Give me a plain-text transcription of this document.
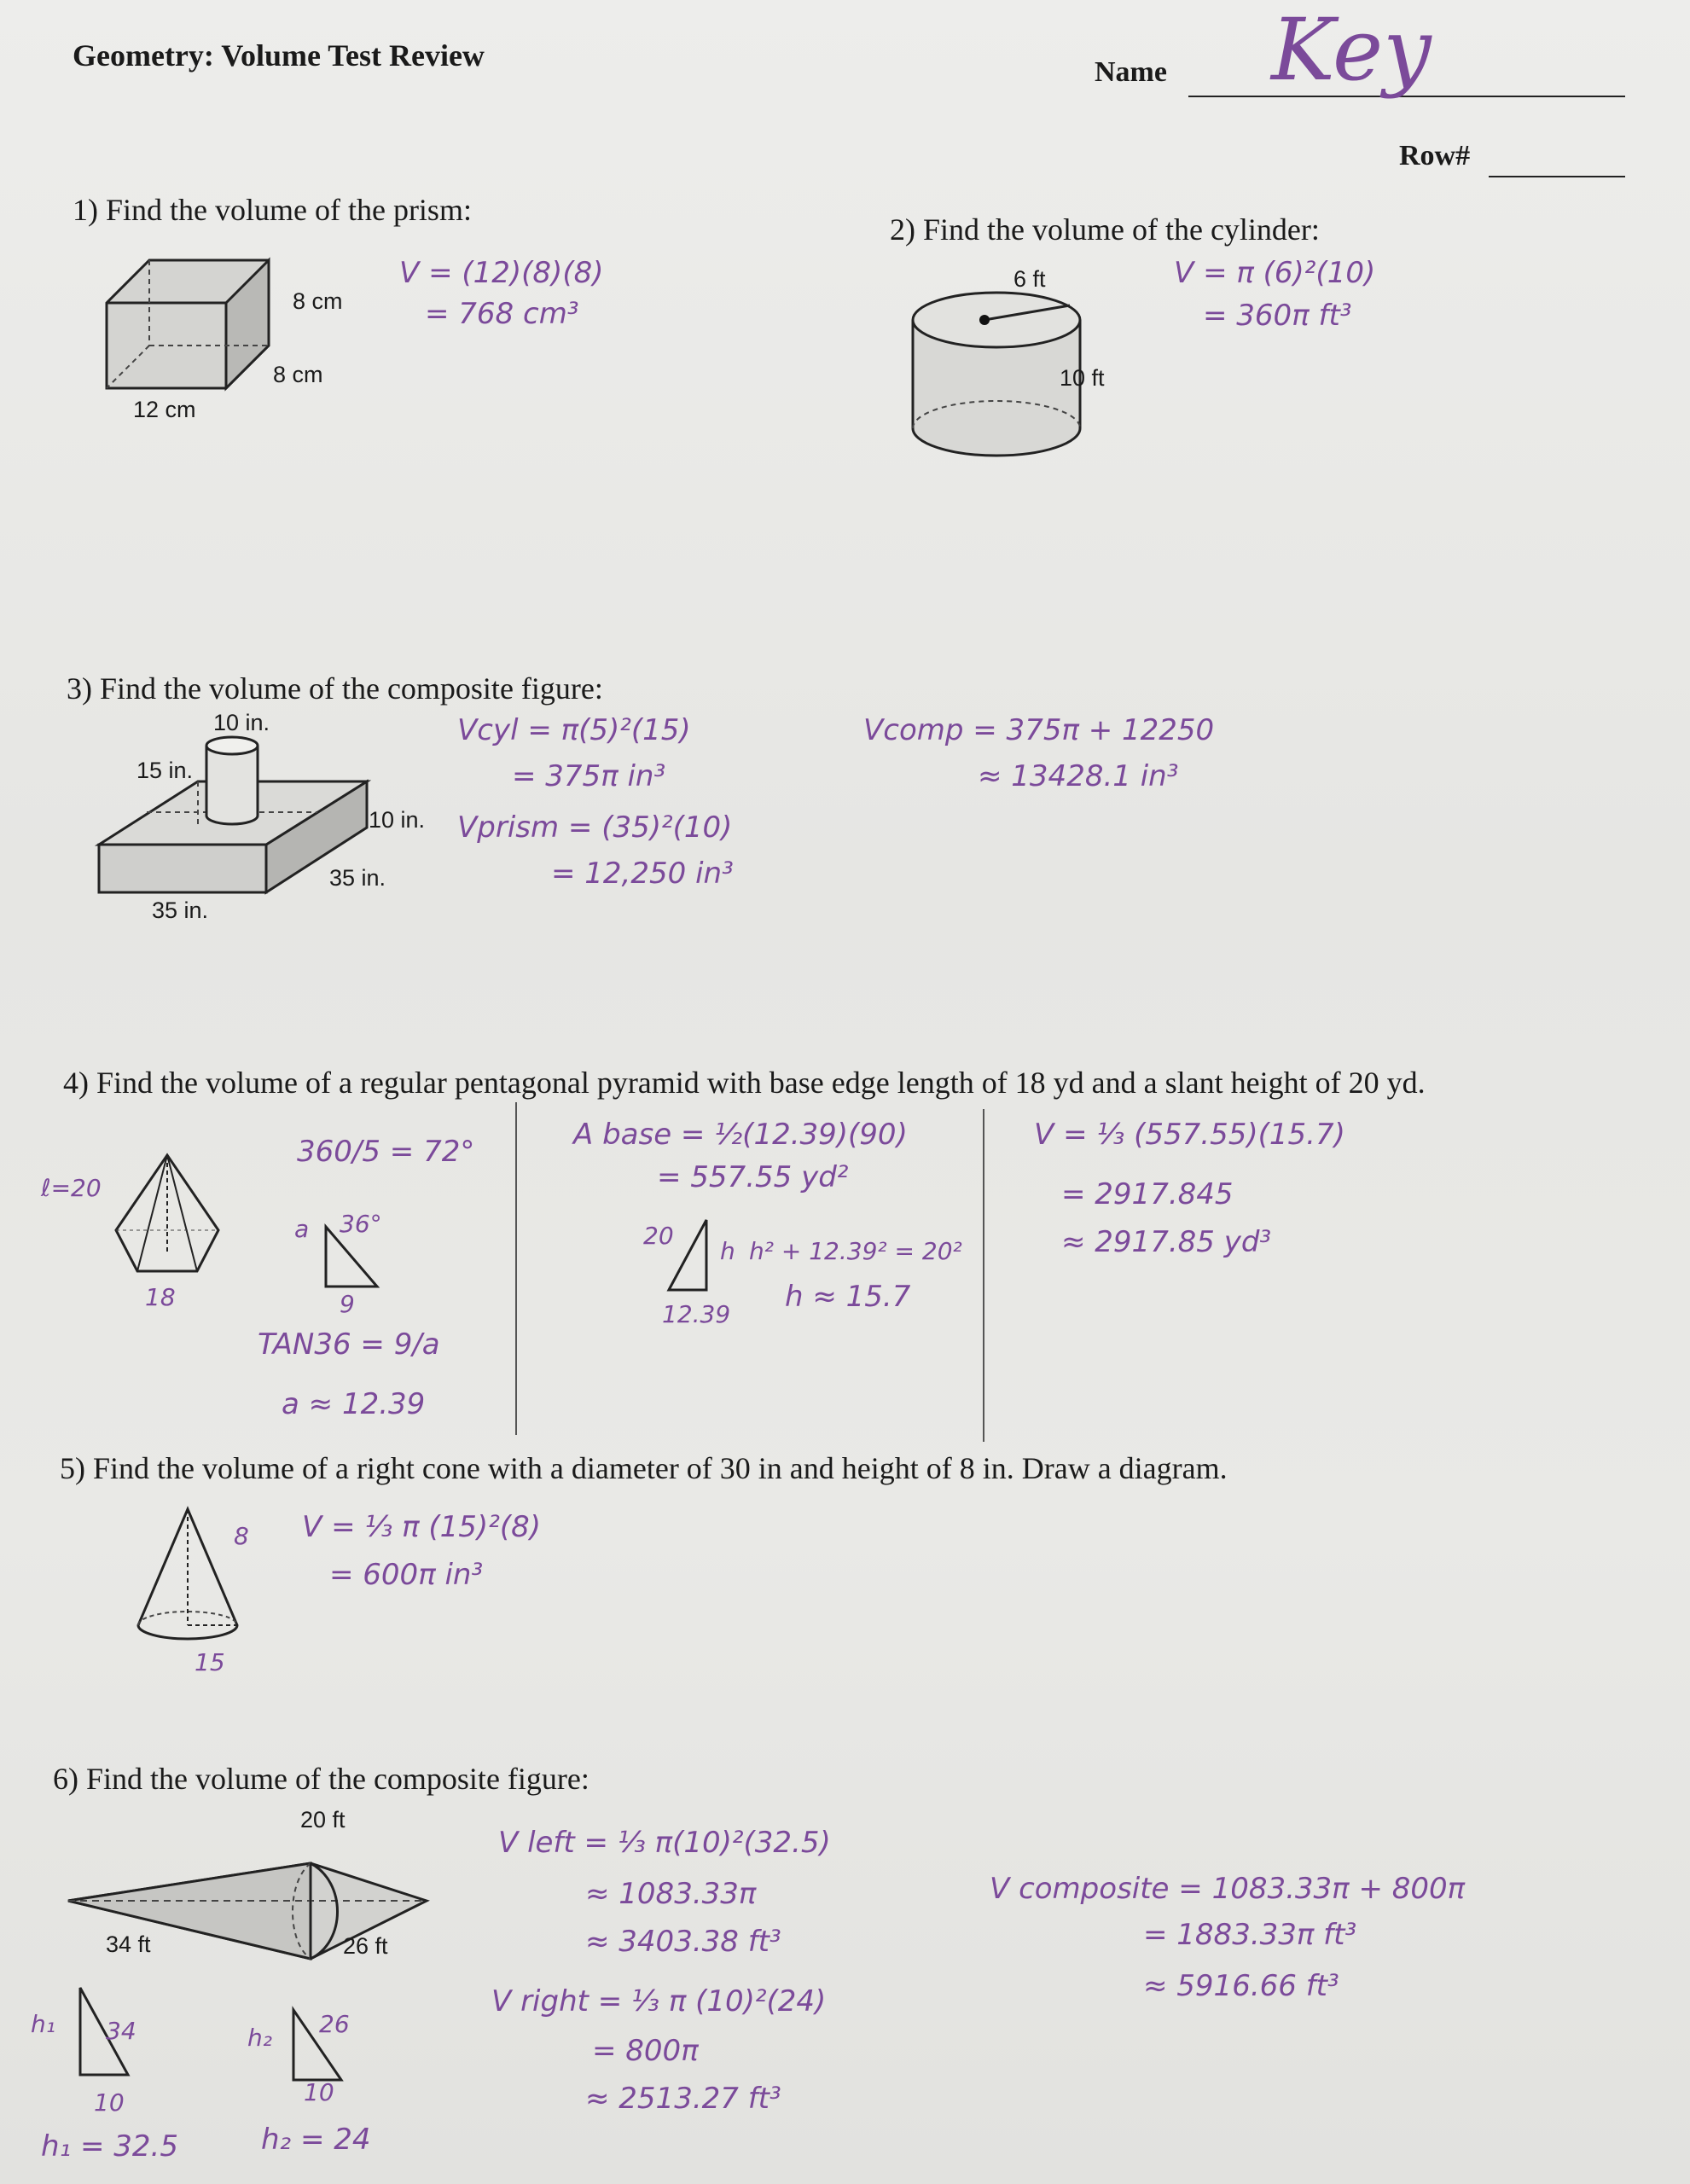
Geometry: Volume Test Review	Name Key
Row#
1) Find the volume of the prism:
8 cm
8 cm
12 cm
V = (12)(8)(8)
= 768 cm³
2) Find the volume of the cylinder:
6 ft
10 ft
V = π (6)²(10)
= 360π ft³
3) Find the volume of the composite figure:
10 in.
15 in.
10 in.
35 in.
35 in.
Vcyl = π(5)²(15)
= 375π in³
Vprism = (35)²(10)
= 12,250 in³
Vcomp = 375π + 12250
≈ 13428.1 in³
4) Find the volume of a regular pentagonal pyramid with base edge length of 18 yd and a slant height of 20 yd.
ℓ=20
18
360/5 = 72°
36°
a
9
TAN36 = 9/a
a ≈ 12.39
A base = ½(12.39)(90)
= 557.55 yd²
20
h
12.39
h² + 12.39² = 20²
h ≈ 15.7
V = ⅓ (557.55)(15.7)
= 2917.845
≈ 2917.85 yd³
5) Find the volume of a right cone with a diameter of 30 in and height of 8 in. Draw a diagram.
8
15
V = ⅓ π (15)²(8)
= 600π in³
6) Find the volume of the composite figure:
20 ft
34 ft	26 ft
h₁ 34
10
h₁ = 32.5
h₂ 26
10
h₂ = 24
V left = ⅓ π(10)²(32.5)
≈ 1083.33π
≈ 3403.38 ft³
V right = ⅓ π (10)²(24)
= 800π
≈ 2513.27 ft³
V composite = 1083.33π + 800π
= 1883.33π ft³
≈ 5916.66 ft³
